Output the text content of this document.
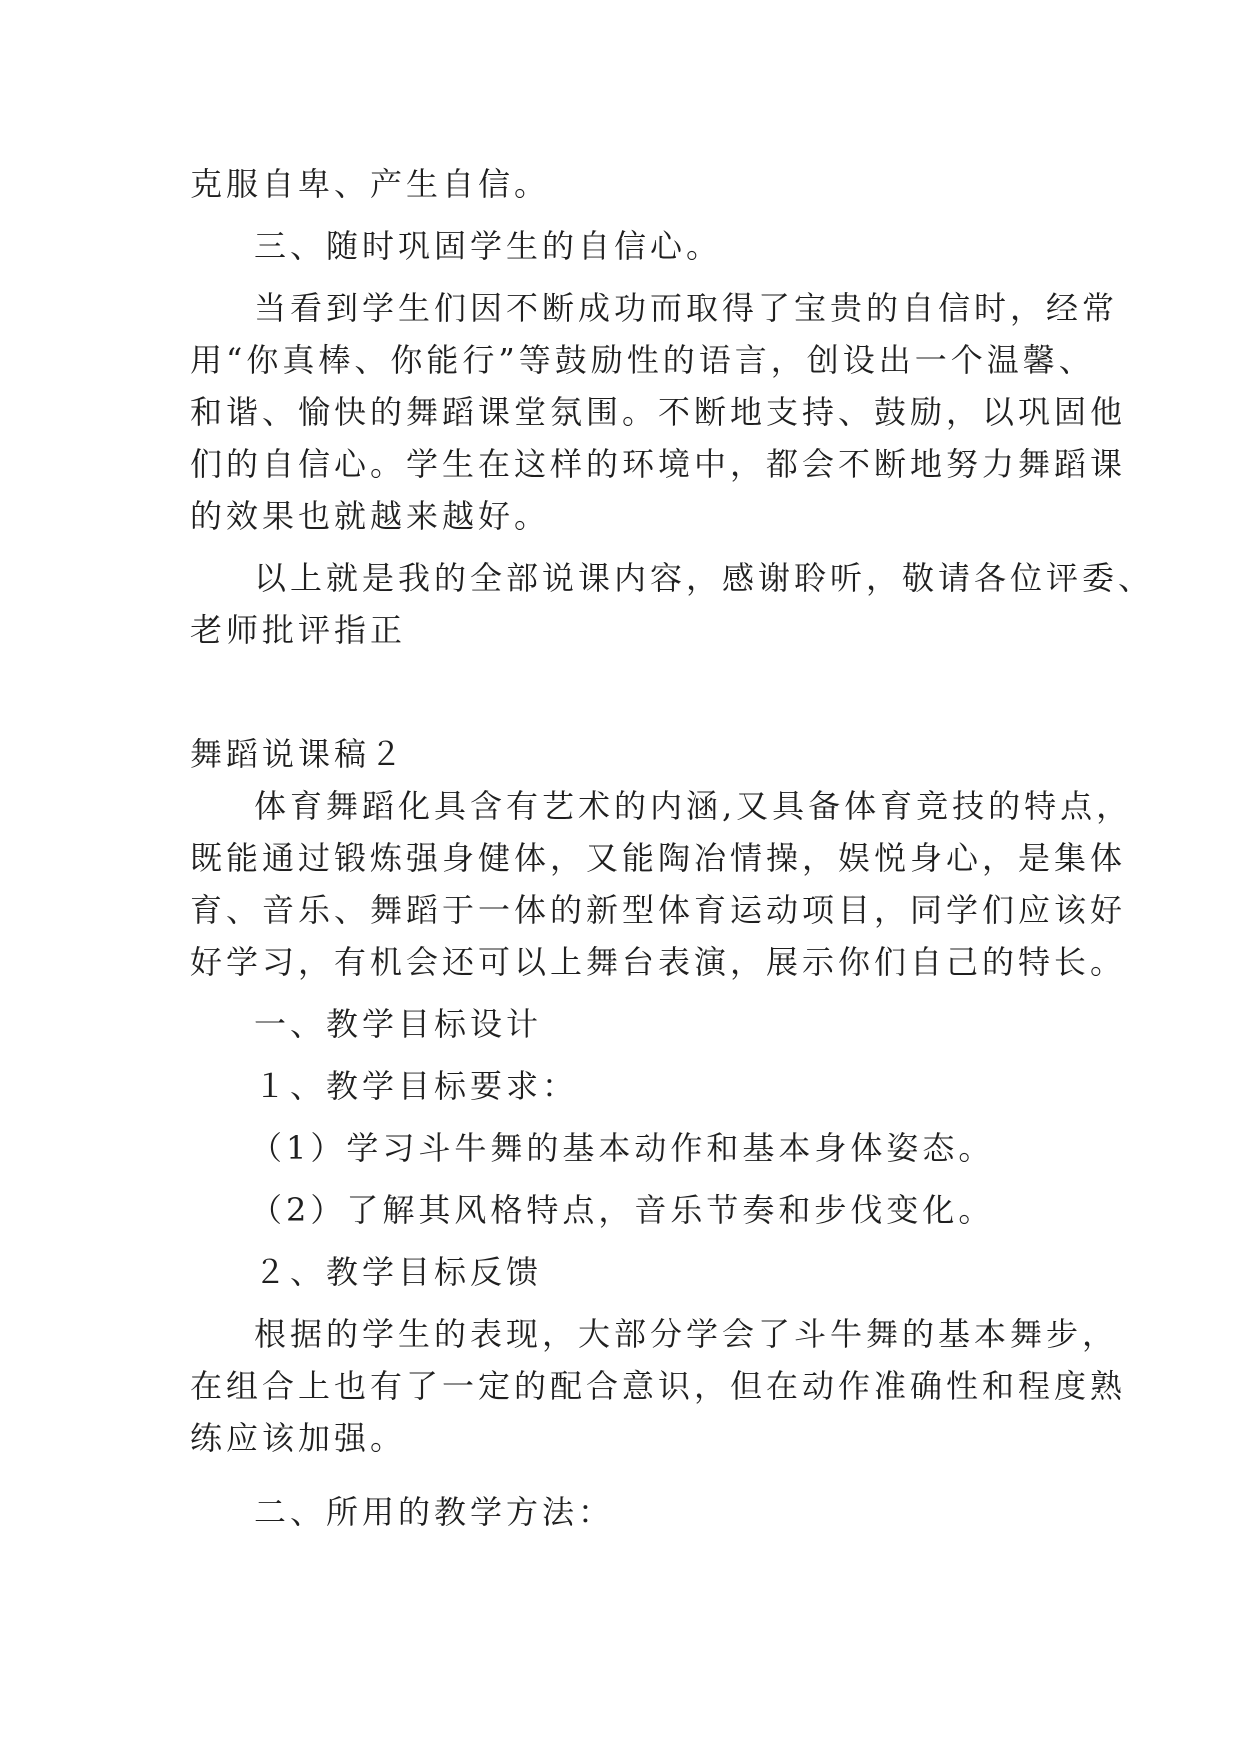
克服自卑、产生自信。

三、随时巩固学生的自信心。

当看到学生们因不断成功而取得了宝贵的自信时，经常
用“你真棒、你能行”等鼓励性的语言，创设出一个温馨、
和谐、愉快的舞蹈课堂氛围。不断地支持、鼓励，以巩固他
们的自信心。学生在这样的环境中，都会不断地努力舞蹈课
的效果也就越来越好。
以上就是我的全部说课内容，感谢聆听，敬请各位评委、
老师批评指正

舞蹈说课稿２

体育舞蹈化具含有艺术的内涵,又具备体育竞技的特点，
既能通过锻炼强身健体，又能陶冶情操，娱悦身心，是集体
育、音乐、舞蹈于一体的新型体育运动项目，同学们应该好
好学习，有机会还可以上舞台表演，展示你们自己的特长。

一、教学目标设计

１、教学目标要求：

（1）学习斗牛舞的基本动作和基本身体姿态。

（2）了解其风格特点，音乐节奏和步伐变化。

２、教学目标反馈

根据的学生的表现，大部分学会了斗牛舞的基本舞步，
在组合上也有了一定的配合意识，但在动作准确性和程度熟
练应该加强。

二、所用的教学方法：
